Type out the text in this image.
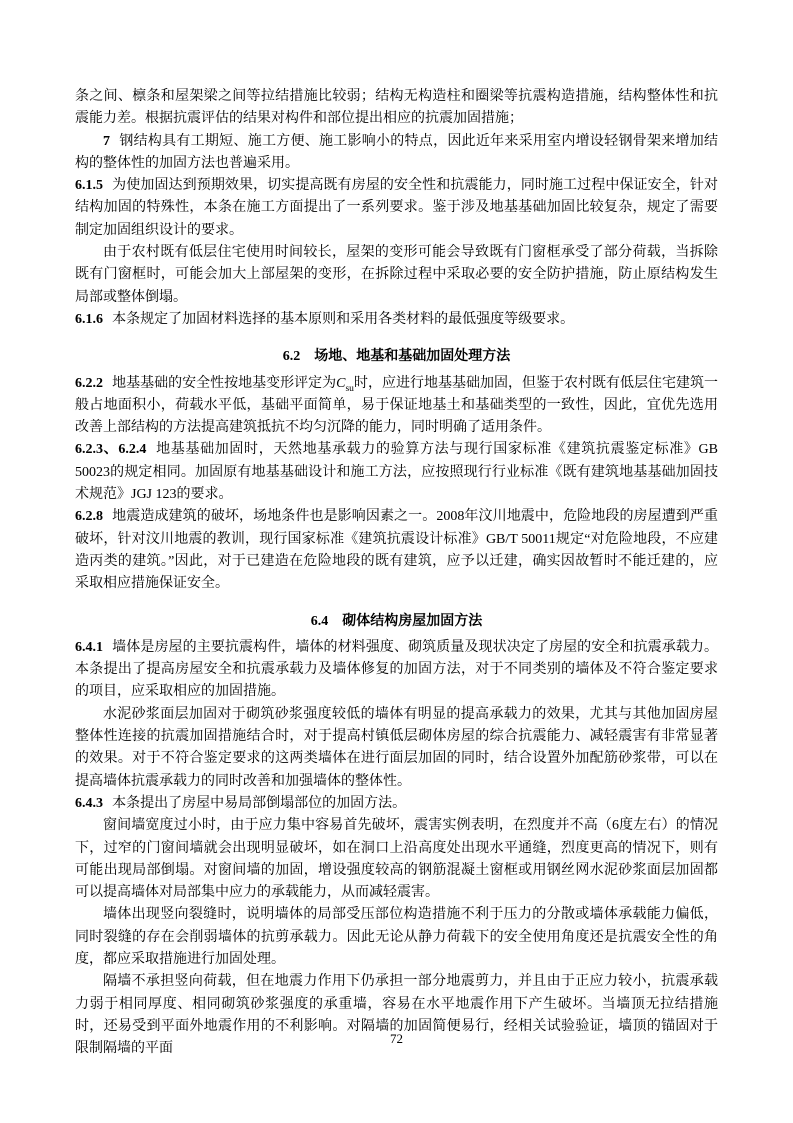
条之间、檩条和屋架梁之间等拉结措施比较弱；结构无构造柱和圈梁等抗震构造措施，结构整体性和抗震能力差。根据抗震评估的结果对构件和部位提出相应的抗震加固措施；

7 钢结构具有工期短、施工方便、施工影响小的特点，因此近年来采用室内增设轻钢骨架来增加结构的整体性的加固方法也普遍采用。

6.1.5 为使加固达到预期效果，切实提高既有房屋的安全性和抗震能力，同时施工过程中保证安全，针对结构加固的特殊性，本条在施工方面提出了一系列要求。鉴于涉及地基基础加固比较复杂，规定了需要制定加固组织设计的要求。

由于农村既有低层住宅使用时间较长，屋架的变形可能会导致既有门窗框承受了部分荷载，当拆除既有门窗框时，可能会加大上部屋架的变形，在拆除过程中采取必要的安全防护措施，防止原结构发生局部或整体倒塌。

6.1.6 本条规定了加固材料选择的基本原则和采用各类材料的最低强度等级要求。

6.2　场地、地基和基础加固处理方法

6.2.2 地基基础的安全性按地基变形评定为$C_{su}$时，应进行地基基础加固，但鉴于农村既有低层住宅建筑一般占地面积小，荷载水平低，基础平面简单，易于保证地基土和基础类型的一致性，因此，宜优先选用改善上部结构的方法提高建筑抵抗不均匀沉降的能力，同时明确了适用条件。

6.2.3、6.2.4 地基基础加固时，天然地基承载力的验算方法与现行国家标准《建筑抗震鉴定标准》GB 50023的规定相同。加固原有地基基础设计和施工方法，应按照现行行业标准《既有建筑地基基础加固技术规范》JGJ 123的要求。

6.2.8 地震造成建筑的破坏，场地条件也是影响因素之一。2008年汶川地震中，危险地段的房屋遭到严重破坏，针对汶川地震的教训，现行国家标准《建筑抗震设计标准》GB/T 50011规定“对危险地段，不应建造丙类的建筑。”因此，对于已建造在危险地段的既有建筑，应予以迁建，确实因故暂时不能迁建的，应采取相应措施保证安全。

6.4　砌体结构房屋加固方法

6.4.1 墙体是房屋的主要抗震构件，墙体的材料强度、砌筑质量及现状决定了房屋的安全和抗震承载力。本条提出了提高房屋安全和抗震承载力及墙体修复的加固方法，对于不同类别的墙体及不符合鉴定要求的项目，应采取相应的加固措施。

水泥砂浆面层加固对于砌筑砂浆强度较低的墙体有明显的提高承载力的效果，尤其与其他加固房屋整体性连接的抗震加固措施结合时，对于提高村镇低层砌体房屋的综合抗震能力、减轻震害有非常显著的效果。对于不符合鉴定要求的这两类墙体在进行面层加固的同时，结合设置外加配筋砂浆带，可以在提高墙体抗震承载力的同时改善和加强墙体的整体性。

6.4.3 本条提出了房屋中易局部倒塌部位的加固方法。

窗间墙宽度过小时，由于应力集中容易首先破坏，震害实例表明，在烈度并不高（6度左右）的情况下，过窄的门窗间墙就会出现明显破坏，如在洞口上沿高度处出现水平通缝，烈度更高的情况下，则有可能出现局部倒塌。对窗间墙的加固，增设强度较高的钢筋混凝土窗框或用钢丝网水泥砂浆面层加固都可以提高墙体对局部集中应力的承载能力，从而减轻震害。

墙体出现竖向裂缝时，说明墙体的局部受压部位构造措施不利于压力的分散或墙体承载能力偏低，同时裂缝的存在会削弱墙体的抗剪承载力。因此无论从静力荷载下的安全使用角度还是抗震安全性的角度，都应采取措施进行加固处理。

隔墙不承担竖向荷载，但在地震力作用下仍承担一部分地震剪力，并且由于正应力较小，抗震承载力弱于相同厚度、相同砌筑砂浆强度的承重墙，容易在水平地震作用下产生破坏。当墙顶无拉结措施时，还易受到平面外地震作用的不利影响。对隔墙的加固简便易行，经相关试验验证，墙顶的锚固对于限制隔墙的平面

72
